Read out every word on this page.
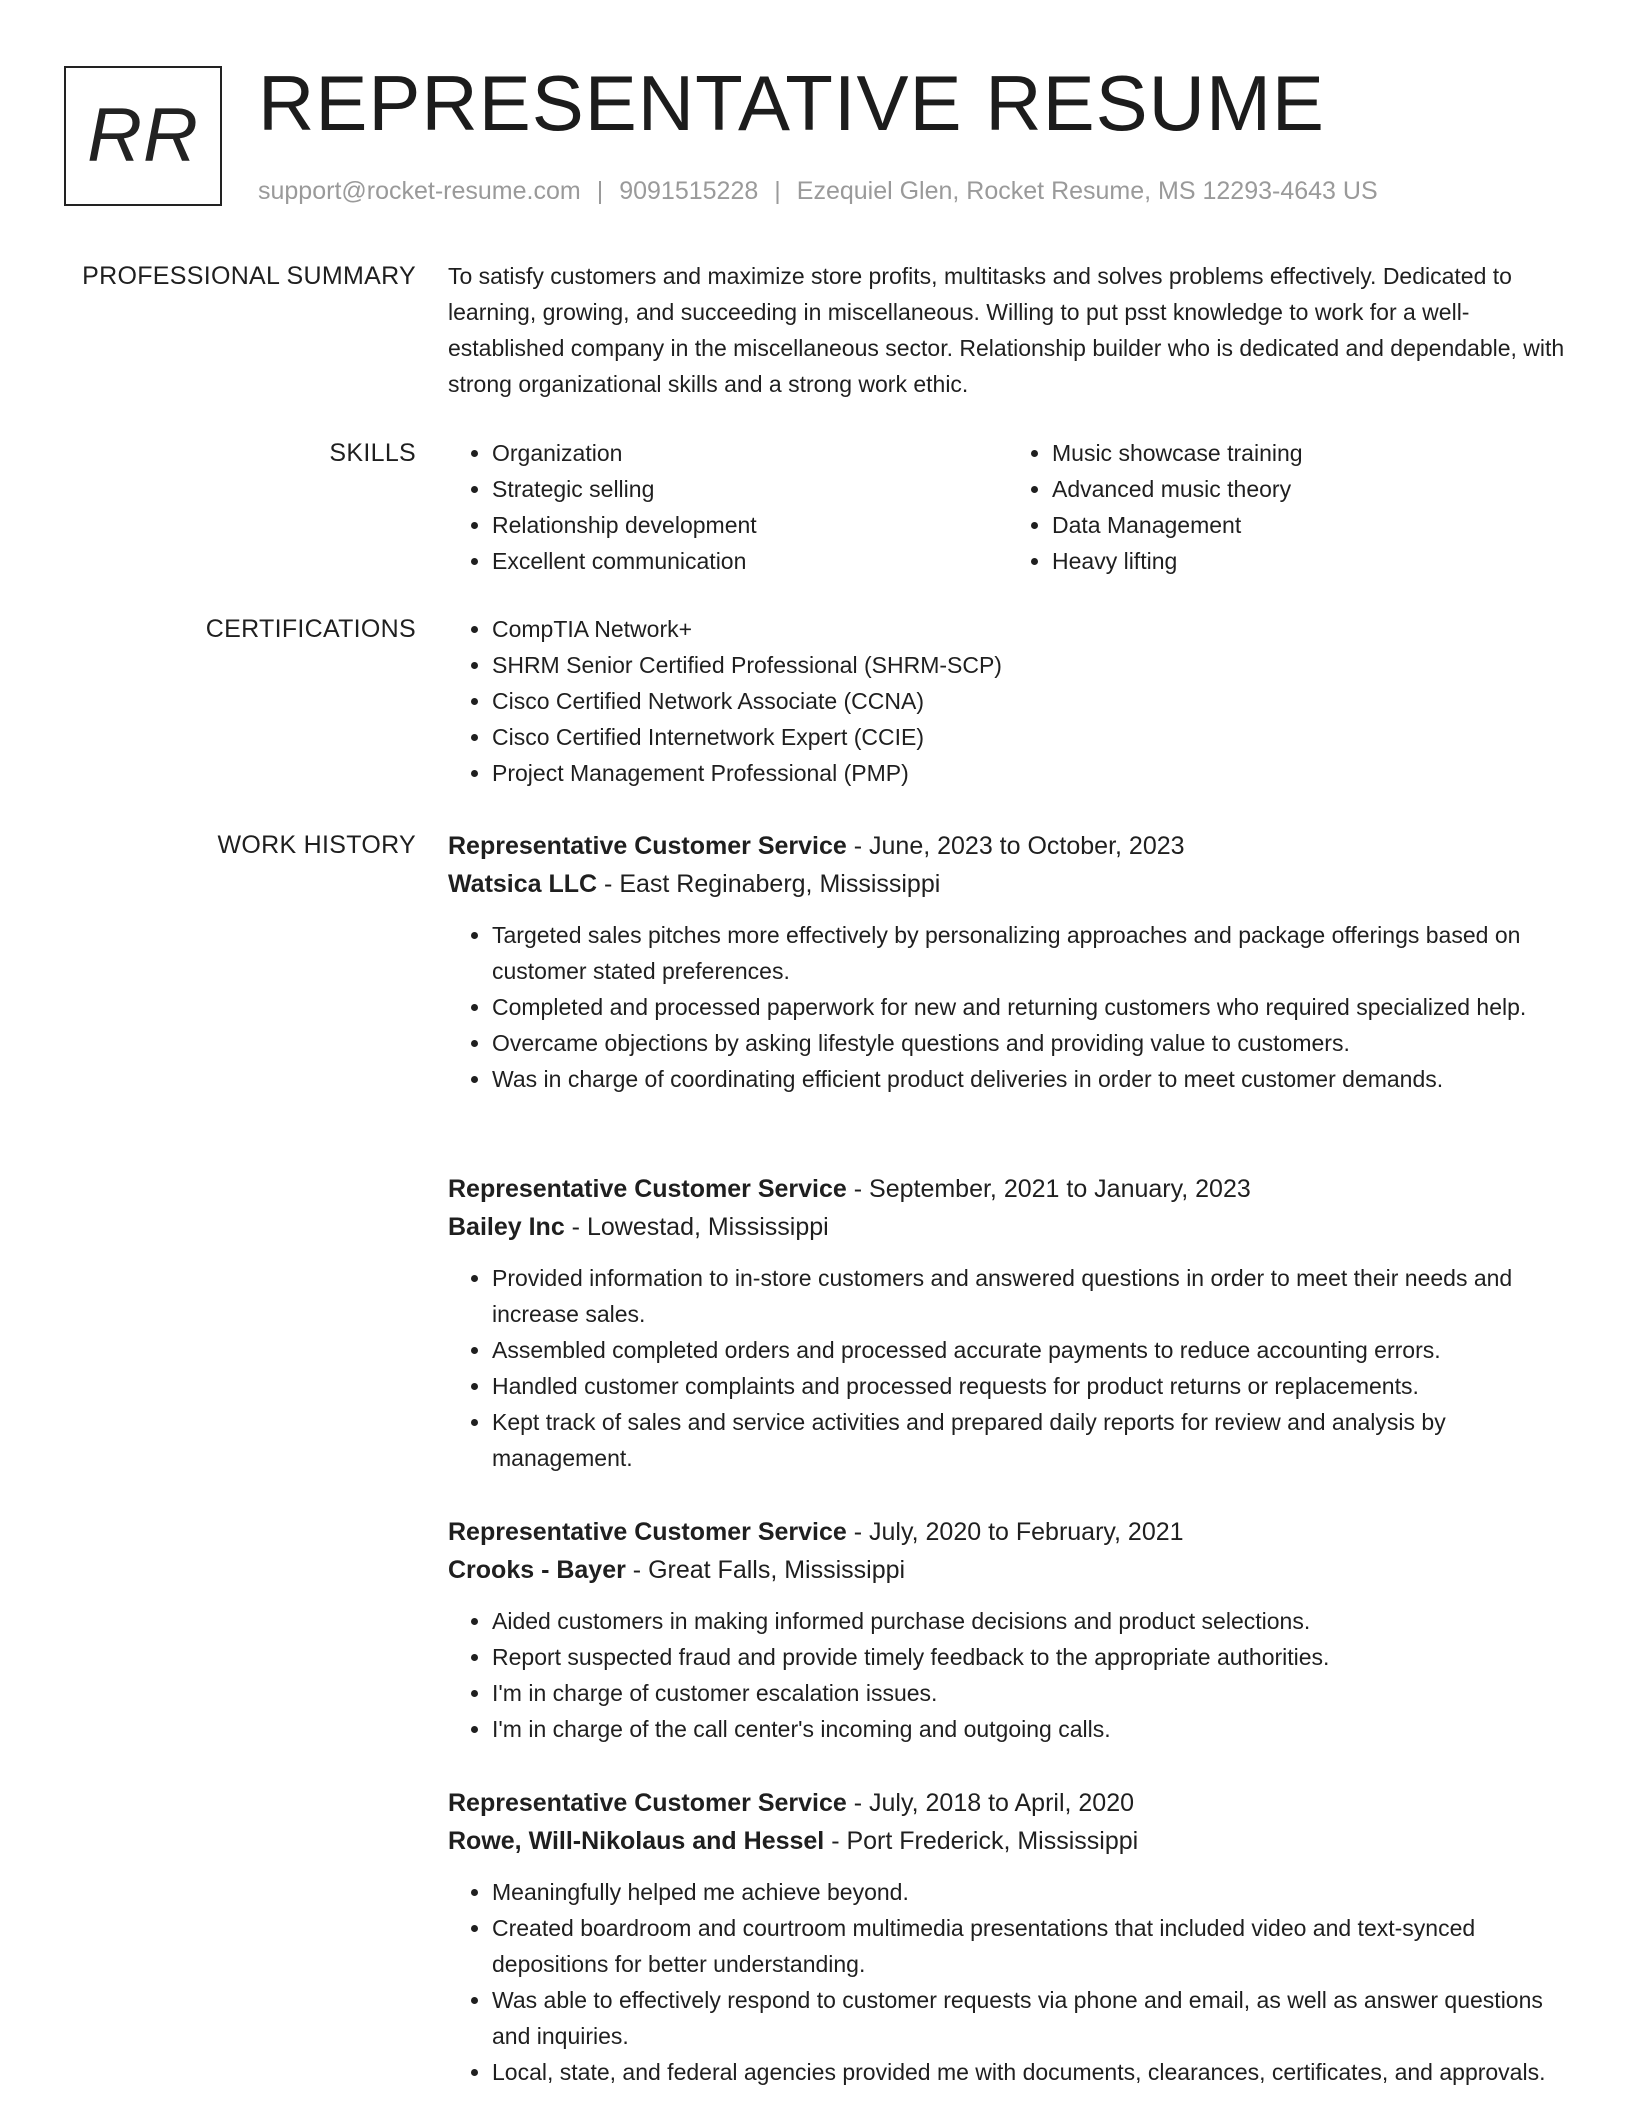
RR REPRESENTATIVE RESUME
support@rocket-resume.com | 9091515228 | Ezequiel Glen, Rocket Resume, MS 12293-4643 US
PROFESSIONAL SUMMARY To satisfy customers and maximize store profits, multitasks and solves problems effectively. Dedicated to learning, growing, and succeeding in miscellaneous. Willing to put psst knowledge to work for a well-established company in the miscellaneous sector. Relationship builder who is dedicated and dependable, with strong organizational skills and a strong work ethic.

SKILLS	• Organization
• Strategic selling
• Relationship development
• Excellent communication
• Music showcase training
• Advanced music theory
• Data Management
• Heavy lifting
CERTIFICATIONS	• CompTIA Network+
• SHRM Senior Certified Professional (SHRM-SCP)
• Cisco Certified Network Associate (CCNA)
• Cisco Certified Internetwork Expert (CCIE)
• Project Management Professional (PMP)
WORK HISTORY Representative Customer Service - June, 2023 to October, 2023
Watsica LLC - East Reginaberg, Mississippi
• Targeted sales pitches more effectively by personalizing approaches and package offerings based on customer stated preferences.
• Completed and processed paperwork for new and returning customers who required specialized help.
• Overcame objections by asking lifestyle questions and providing value to customers.
• Was in charge of coordinating efficient product deliveries in order to meet customer demands.
Representative Customer Service - September, 2021 to January, 2023
Bailey Inc - Lowestad, Mississippi
• Provided information to in-store customers and answered questions in order to meet their needs and increase sales.
• Assembled completed orders and processed accurate payments to reduce accounting errors.
• Handled customer complaints and processed requests for product returns or replacements.
• Kept track of sales and service activities and prepared daily reports for review and analysis by management.
Representative Customer Service - July, 2020 to February, 2021
Crooks - Bayer - Great Falls, Mississippi
• Aided customers in making informed purchase decisions and product selections.
• Report suspected fraud and provide timely feedback to the appropriate authorities.
• I'm in charge of customer escalation issues.
• I'm in charge of the call center's incoming and outgoing calls.
Representative Customer Service - July, 2018 to April, 2020
Rowe, Will-Nikolaus and Hessel - Port Frederick, Mississippi
• Meaningfully helped me achieve beyond.
• Created boardroom and courtroom multimedia presentations that included video and text-synced depositions for better understanding.
• Was able to effectively respond to customer requests via phone and email, as well as answer questions and inquiries.
• Local, state, and federal agencies provided me with documents, clearances, certificates, and approvals.
